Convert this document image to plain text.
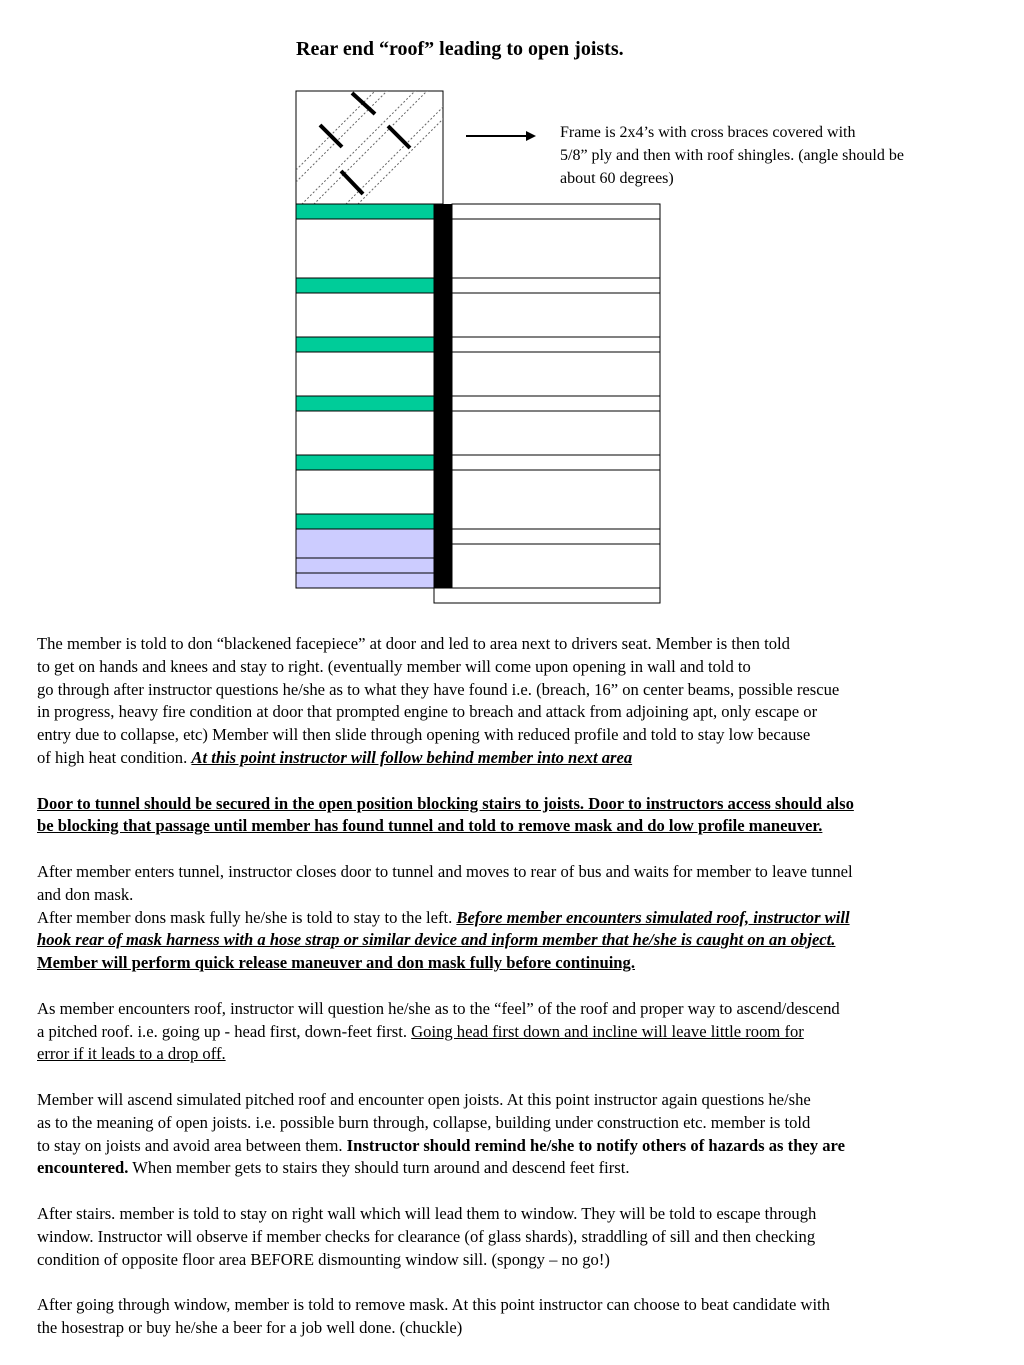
Rear end “roof” leading to open joists.
Frame is 2x4’s with cross braces covered with
5/8” ply and then with roof shingles. (angle should be
about 60 degrees)
The member is told to don “blackened facepiece” at door and led to area next to drivers seat. Member is then told
to get on hands and knees and stay to right. (eventually member will come upon opening in wall and told to
go through after instructor questions he/she as to what they have found i.e. (breach, 16” on center beams, possible rescue
in progress, heavy fire condition at door that prompted engine to breach and attack from adjoining apt, only escape or
entry due to collapse, etc) Member will then slide through opening with reduced profile and told to stay low because
of high heat condition. At this point instructor will follow behind member into next area
Door to tunnel should be secured in the open position blocking stairs to joists. Door to instructors access should also
be blocking that passage until member has found tunnel and told to remove mask and do low profile maneuver.
After member enters tunnel, instructor closes door to tunnel and moves to rear of bus and waits for member to leave tunnel
and don mask.
After member dons mask fully he/she is told to stay to the left. Before member encounters simulated roof, instructor will
hook rear of mask harness with a hose strap or similar device and inform member that he/she is caught on an object.
Member will perform quick release maneuver and don mask fully before continuing.
As member encounters roof, instructor will question he/she as to the “feel” of the roof and proper way to ascend/descend
a pitched roof. i.e. going up - head first, down-feet first. Going head first down and incline will leave little room for
error if it leads to a drop off.
Member will ascend simulated pitched roof and encounter open joists. At this point instructor again questions he/she
as to the meaning of open joists. i.e. possible burn through, collapse, building under construction etc. member is told
to stay on joists and avoid area between them. Instructor should remind he/she to notify others of hazards as they are
encountered. When member gets to stairs they should turn around and descend feet first.
After stairs. member is told to stay on right wall which will lead them to window. They will be told to escape through
window. Instructor will observe if member checks for clearance (of glass shards), straddling of sill and then checking
condition of opposite floor area BEFORE dismounting window sill. (spongy – no go!)
After going through window, member is told to remove mask. At this point instructor can choose to beat candidate with
the hosestrap or buy he/she a beer for a job well done. (chuckle)
